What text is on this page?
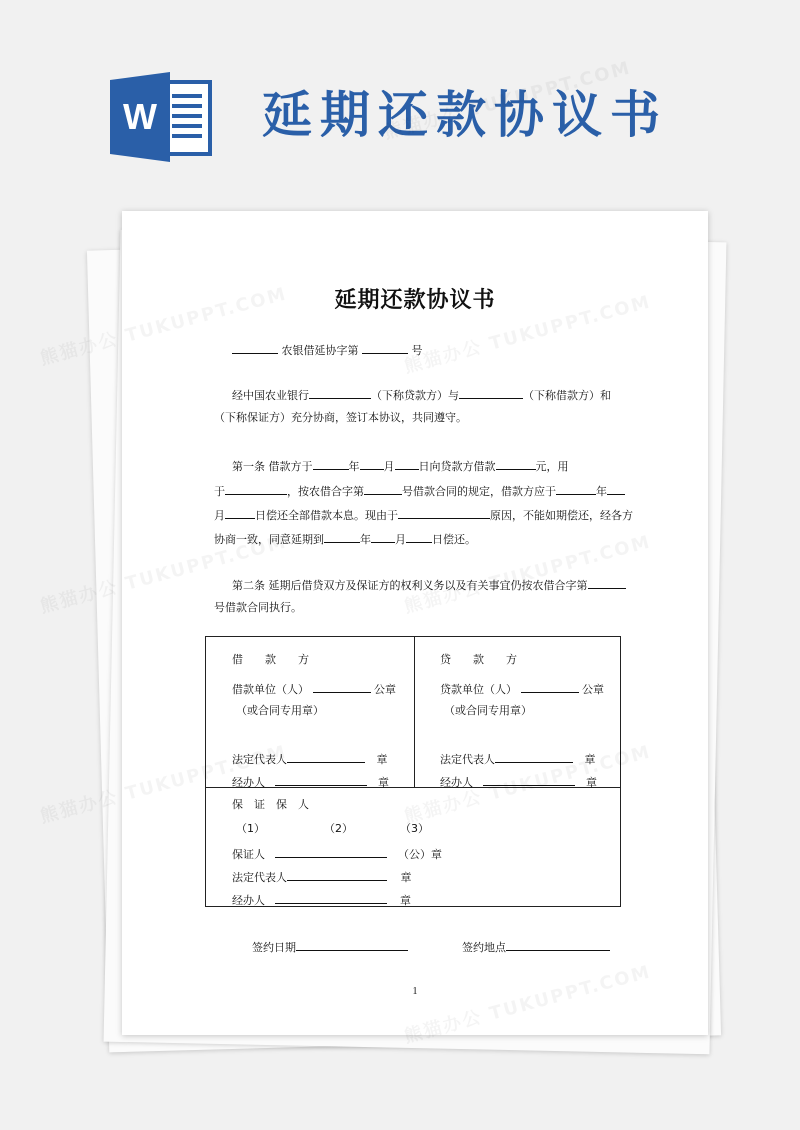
W 延期还款协议书
延期还款协议书
农银借延协字第	号
经中国农业银行	（下称贷款方）与	（下称借款方）和
（下称保证方）充分协商，签订本协议，共同遵守。
第一条 借款方于	年 月 日向贷款方借款	元，用
于	，按农借合字第	号借款合同的规定，借款方应于	年
月	日偿还全部借款本息。现由于	原因，不能如期偿还，经各方
协商一致，同意延期到	年 月 日偿还。
第二条 延期后借贷双方及保证方的权利义务以及有关事宜仍按农借合字第
号借款合同执行。
借　　款　　方
借款单位（人）	公章
（或合同专用章）
法定代表人	章
经办人	章
贷　　款　　方
贷款单位（人）	公章
（或合同专用章）
法定代表人	章
经办人	章
保　证　保　人
（1）	（2）	（3）
保证人	（公）章
法定代表人	章
经办人	章
签约日期	签约地点
1
